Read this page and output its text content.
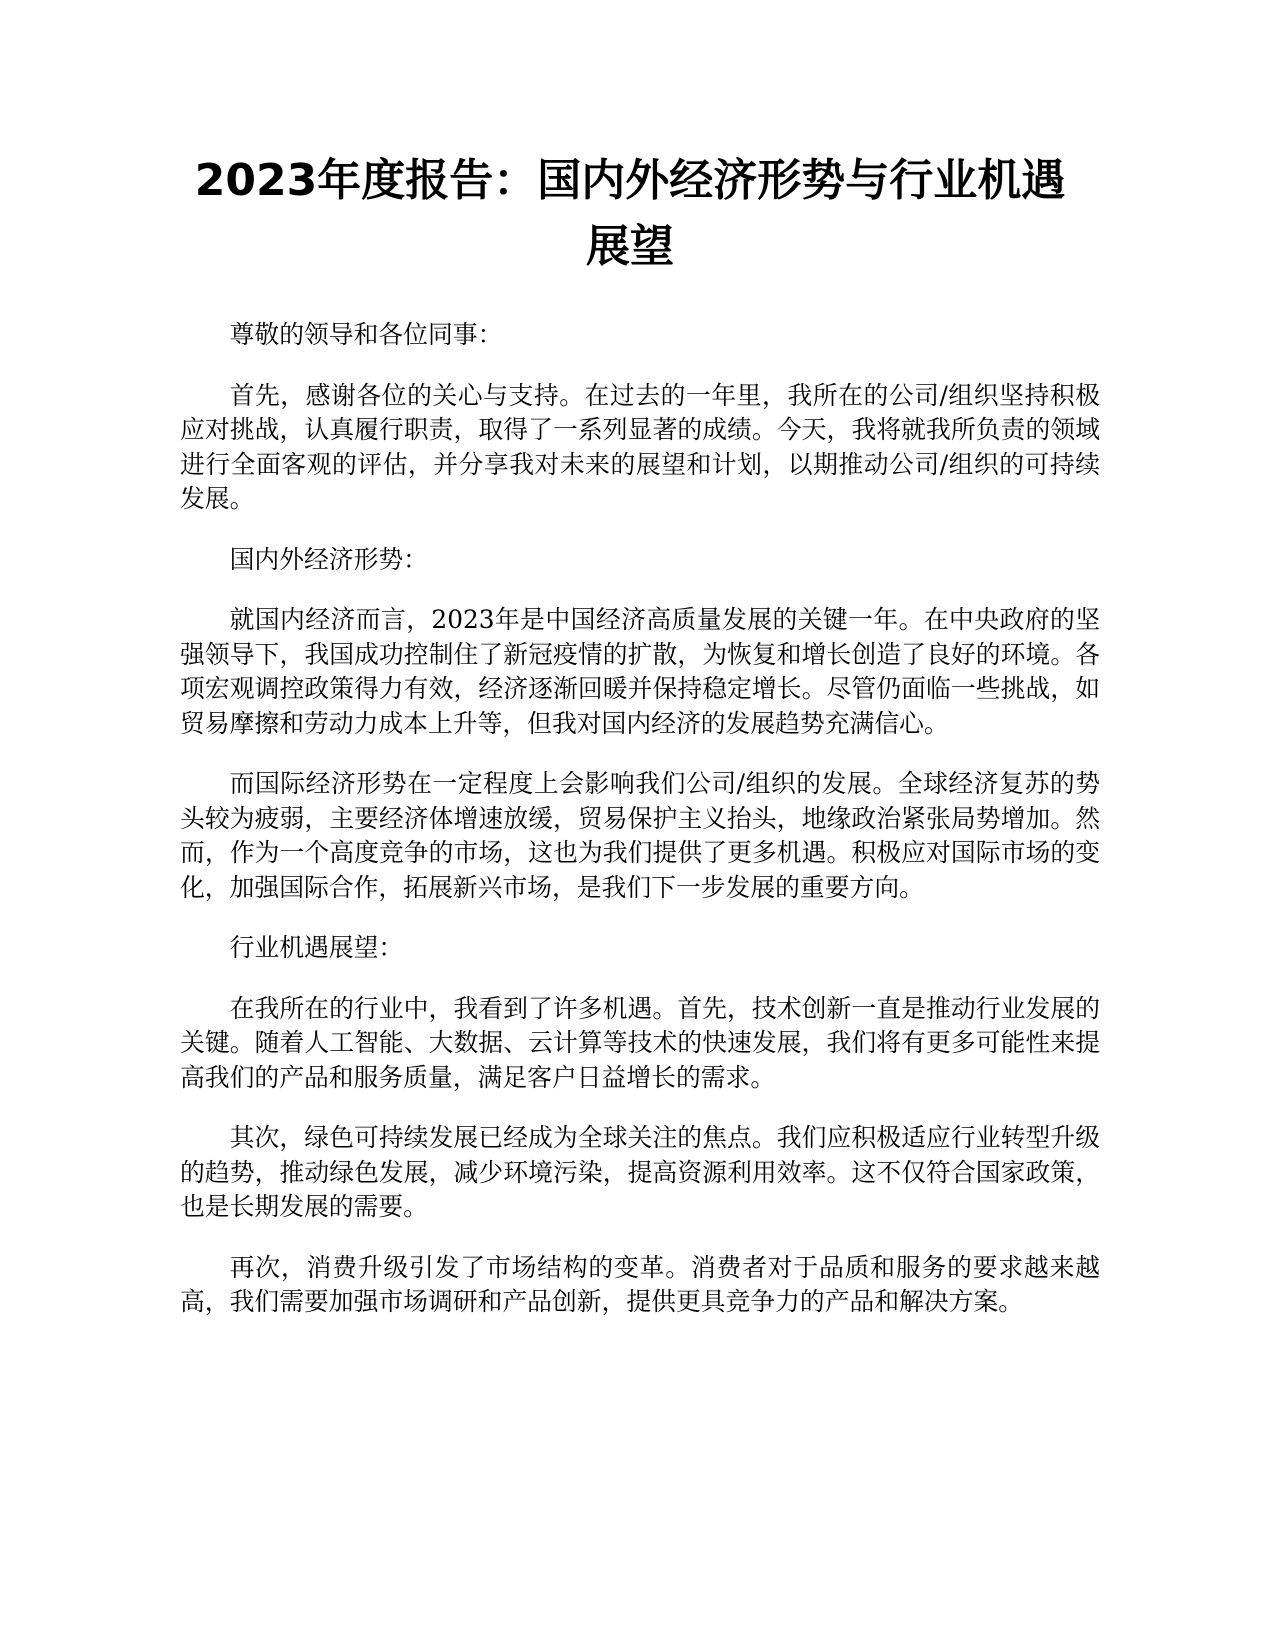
2023年度报告：国内外经济形势与行业机遇展望

尊敬的领导和各位同事：

首先，感谢各位的关心与支持。在过去的一年里，我所在的公司/组织坚持积极应对挑战，认真履行职责，取得了一系列显著的成绩。今天，我将就我所负责的领域进行全面客观的评估，并分享我对未来的展望和计划，以期推动公司/组织的可持续发展。

国内外经济形势：

就国内经济而言，2023年是中国经济高质量发展的关键一年。在中央政府的坚强领导下，我国成功控制住了新冠疫情的扩散，为恢复和增长创造了良好的环境。各项宏观调控政策得力有效，经济逐渐回暖并保持稳定增长。尽管仍面临一些挑战，如贸易摩擦和劳动力成本上升等，但我对国内经济的发展趋势充满信心。

而国际经济形势在一定程度上会影响我们公司/组织的发展。全球经济复苏的势头较为疲弱，主要经济体增速放缓，贸易保护主义抬头，地缘政治紧张局势增加。然而，作为一个高度竞争的市场，这也为我们提供了更多机遇。积极应对国际市场的变化，加强国际合作，拓展新兴市场，是我们下一步发展的重要方向。

行业机遇展望：

在我所在的行业中，我看到了许多机遇。首先，技术创新一直是推动行业发展的关键。随着人工智能、大数据、云计算等技术的快速发展，我们将有更多可能性来提高我们的产品和服务质量，满足客户日益增长的需求。

其次，绿色可持续发展已经成为全球关注的焦点。我们应积极适应行业转型升级的趋势，推动绿色发展，减少环境污染，提高资源利用效率。这不仅符合国家政策，也是长期发展的需要。

再次，消费升级引发了市场结构的变革。消费者对于品质和服务的要求越来越高，我们需要加强市场调研和产品创新，提供更具竞争力的产品和解决方案。
